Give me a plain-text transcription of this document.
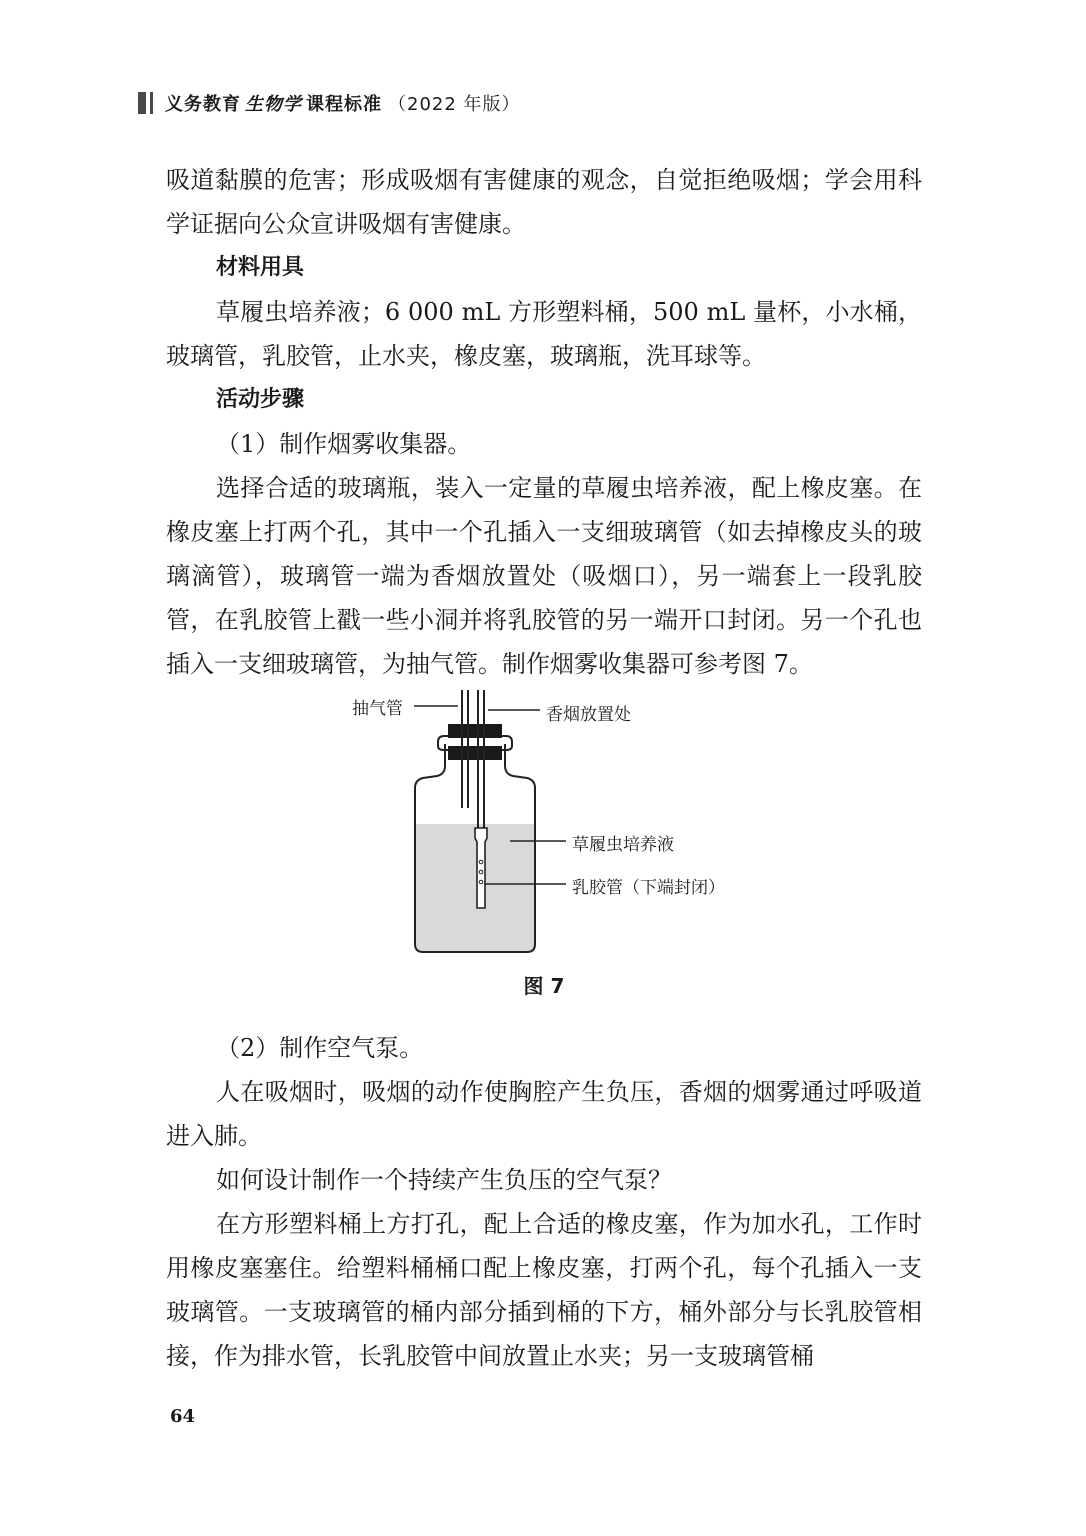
义务教育 生物学 课程标准 （2022 年版）

吸道黏膜的危害；形成吸烟有害健康的观念，自觉拒绝吸烟；学会用科学证据向公众宣讲吸烟有害健康。

材料用具

草履虫培养液；6 000 mL 方形塑料桶，500 mL 量杯，小水桶，玻璃管，乳胶管，止水夹，橡皮塞，玻璃瓶，洗耳球等。

活动步骤

（1）制作烟雾收集器。

选择合适的玻璃瓶，装入一定量的草履虫培养液，配上橡皮塞。在橡皮塞上打两个孔，其中一个孔插入一支细玻璃管（如去掉橡皮头的玻璃滴管），玻璃管一端为香烟放置处（吸烟口），另一端套上一段乳胶管，在乳胶管上戳一些小洞并将乳胶管的另一端开口封闭。另一个孔也插入一支细玻璃管，为抽气管。制作烟雾收集器可参考图 7。

抽气管	香烟放置处
草履虫培养液
乳胶管（下端封闭）
图 7

（2）制作空气泵。

人在吸烟时，吸烟的动作使胸腔产生负压，香烟的烟雾通过呼吸道进入肺。

如何设计制作一个持续产生负压的空气泵？

在方形塑料桶上方打孔，配上合适的橡皮塞，作为加水孔，工作时用橡皮塞塞住。给塑料桶桶口配上橡皮塞，打两个孔，每个孔插入一支玻璃管。一支玻璃管的桶内部分插到桶的下方，桶外部分与长乳胶管相接，作为排水管，长乳胶管中间放置止水夹；另一支玻璃管桶

64
